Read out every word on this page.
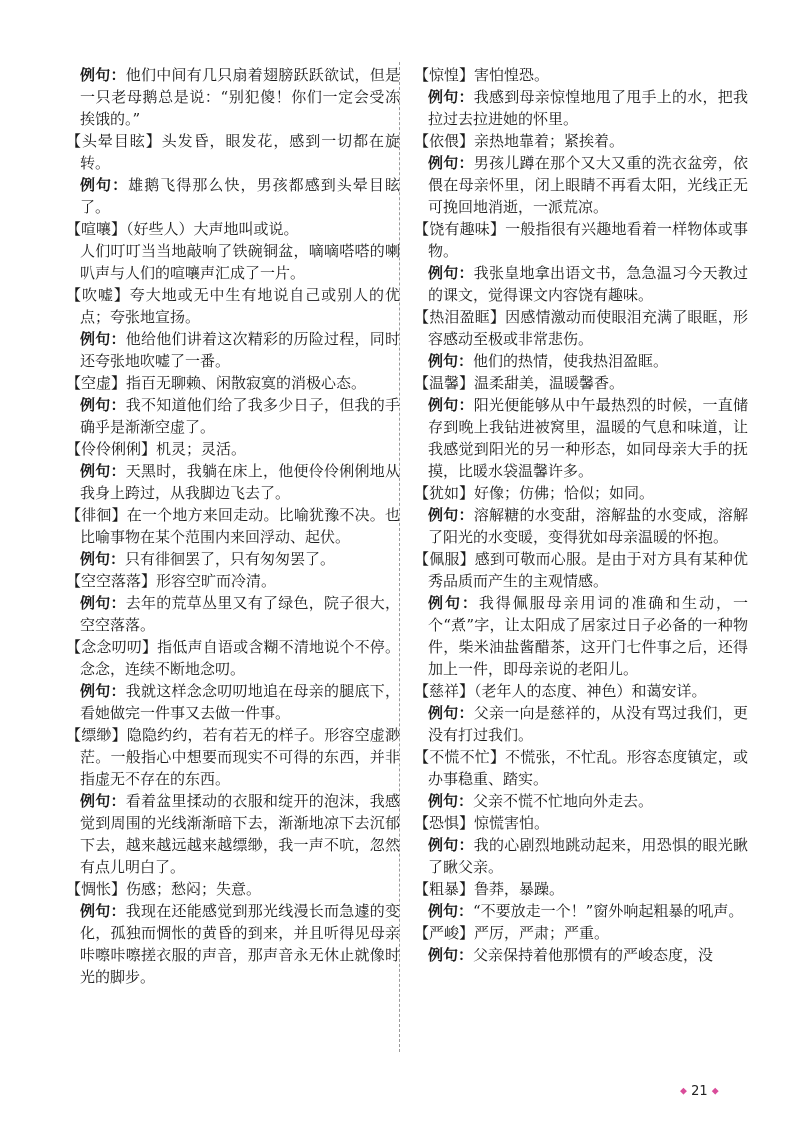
例句：他们中间有几只扇着翅膀跃跃欲试，但是一只老母鹅总是说：“别犯傻！你们一定会受冻挨饿的。”
【头晕目眩】头发昏，眼发花，感到一切都在旋转。
例句：雄鹅飞得那么快，男孩都感到头晕目眩了。
【喧嚷】（好些人）大声地叫或说。
人们叮叮当当地敲响了铁碗铜盆，嘀嘀嗒嗒的喇叭声与人们的喧嚷声汇成了一片。
【吹嘘】夸大地或无中生有地说自己或别人的优点；夸张地宣扬。
例句：他给他们讲着这次精彩的历险过程，同时还夸张地吹嘘了一番。
【空虚】指百无聊赖、闲散寂寞的消极心态。
例句：我不知道他们给了我多少日子，但我的手确乎是渐渐空虚了。
【伶伶俐俐】机灵；灵活。
例句：天黑时，我躺在床上，他便伶伶俐俐地从我身上跨过，从我脚边飞去了。
【徘徊】在一个地方来回走动。比喻犹豫不决。也比喻事物在某个范围内来回浮动、起伏。
例句：只有徘徊罢了，只有匆匆罢了。
【空空落落】形容空旷而冷清。
例句：去年的荒草丛里又有了绿色，院子很大，空空落落。
【念念叨叨】指低声自语或含糊不清地说个不停。念念，连续不断地念叨。
例句：我就这样念念叨叨地追在母亲的腿底下，看她做完一件事又去做一件事。
【缥缈】隐隐约约，若有若无的样子。形容空虚渺茫。一般指心中想要而现实不可得的东西，并非指虚无不存在的东西。
例句：看着盆里揉动的衣服和绽开的泡沫，我感觉到周围的光线渐渐暗下去，渐渐地凉下去沉郁下去，越来越远越来越缥缈，我一声不吭，忽然有点儿明白了。
【惆怅】伤感；愁闷；失意。
例句：我现在还能感觉到那光线漫长而急遽的变化，孤独而惆怅的黄昏的到来，并且听得见母亲咔嚓咔嚓搓衣服的声音，那声音永无休止就像时光的脚步。
【惊惶】害怕惶恐。
例句：我感到母亲惊惶地甩了甩手上的水，把我拉过去拉进她的怀里。
【依偎】亲热地靠着；紧挨着。
例句：男孩儿蹲在那个又大又重的洗衣盆旁，依偎在母亲怀里，闭上眼睛不再看太阳，光线正无可挽回地消逝，一派荒凉。
【饶有趣味】一般指很有兴趣地看着一样物体或事物。
例句：我张皇地拿出语文书，急急温习今天教过的课文，觉得课文内容饶有趣味。
【热泪盈眶】因感情激动而使眼泪充满了眼眶，形容感动至极或非常悲伤。
例句：他们的热情，使我热泪盈眶。
【温馨】温柔甜美，温暖馨香。
例句：阳光便能够从中午最热烈的时候，一直储存到晚上我钻进被窝里，温暖的气息和味道，让我感觉到阳光的另一种形态，如同母亲大手的抚摸，比暖水袋温馨许多。
【犹如】好像；仿佛；恰似；如同。
例句：溶解糖的水变甜，溶解盐的水变咸，溶解了阳光的水变暖，变得犹如母亲温暖的怀抱。
【佩服】感到可敬而心服。是由于对方具有某种优秀品质而产生的主观情感。
例句：我得佩服母亲用词的准确和生动，一个“煮”字，让太阳成了居家过日子必备的一种物件，柴米油盐酱醋茶，这开门七件事之后，还得加上一件，即母亲说的老阳儿。
【慈祥】（老年人的态度、神色）和蔼安详。
例句：父亲一向是慈祥的，从没有骂过我们，更没有打过我们。
【不慌不忙】不慌张，不忙乱。形容态度镇定，或办事稳重、踏实。
例句：父亲不慌不忙地向外走去。
【恐惧】惊慌害怕。
例句：我的心剧烈地跳动起来，用恐惧的眼光瞅了瞅父亲。
【粗暴】鲁莽，暴躁。
例句：“不要放走一个！”窗外响起粗暴的吼声。
【严峻】严厉，严肃；严重。
例句：父亲保持着他那惯有的严峻态度，没
◆ 21 ◆
